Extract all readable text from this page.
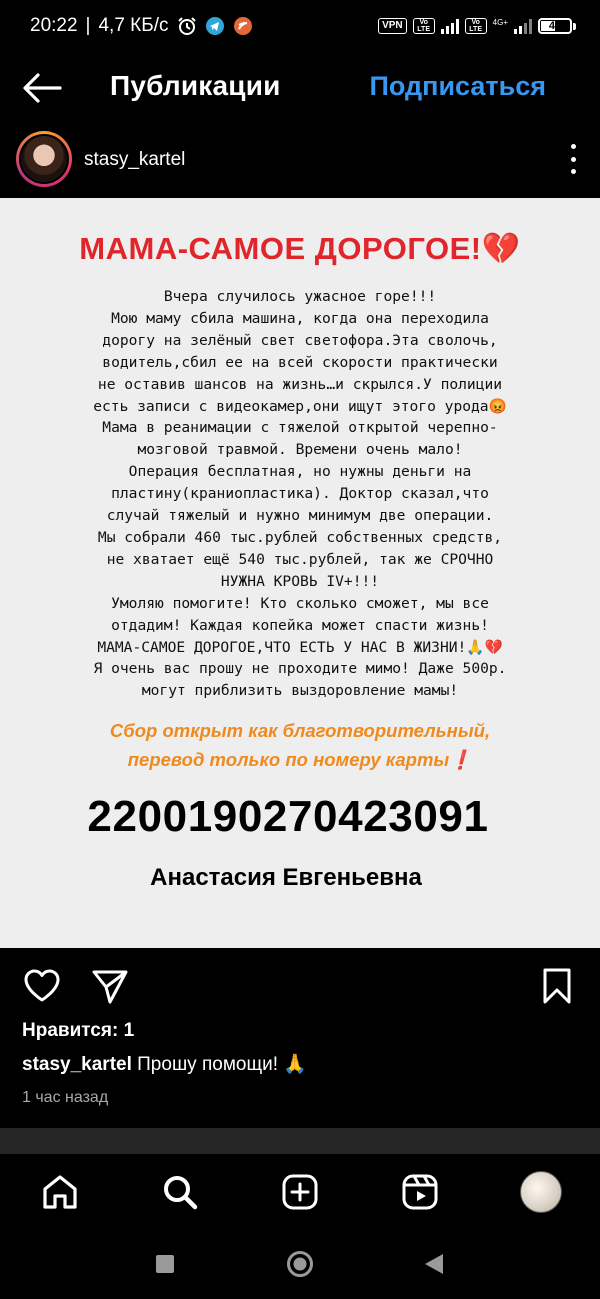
20:22 | 4,7 КБ/с	VPN	Vo LTE
Vo LTE
4G+	49
Публикации	Подписаться
stasy_kartel
МАМА-САМОЕ ДОРОГОЕ!💔
Вчера случилось ужасное горе!!!
Мою маму сбила машина, когда она переходила
дорогу на зелёный свет светофора.Эта сволочь,
водитель,сбил ее на всей скорости практически
не оставив шансов на жизнь…и скрылся.У полиции
есть записи с видеокамер,они ищут этого урода😡
Мама в реанимации с тяжелой открытой черепно-
мозговой травмой. Времени очень мало!
Операция бесплатная, но нужны деньги на
пластину(краниопластика). Доктор сказал,что
случай тяжелый и нужно минимум две операции.
Мы собрали 460 тыс.рублей собственных средств,
не хватает ещё 540 тыс.рублей, так же СРОЧНО
НУЖНА КРОВЬ IV+!!!
Умоляю помогите! Кто сколько сможет, мы все
отдадим! Каждая копейка может спасти жизнь!
МАМА-САМОЕ ДОРОГОЕ,ЧТО ЕСТЬ У НАС В ЖИЗНИ!🙏💔
Я очень вас прошу не проходите мимо! Даже 500р.
могут приблизить выздоровление мамы!
Сбор открыт как благотворительный,
перевод только по номеру карты❗
2200190270423091
Анастасия Евгеньевна
Нравится: 1
stasy_kartel Прошу помощи! 🙏
1 час назад
